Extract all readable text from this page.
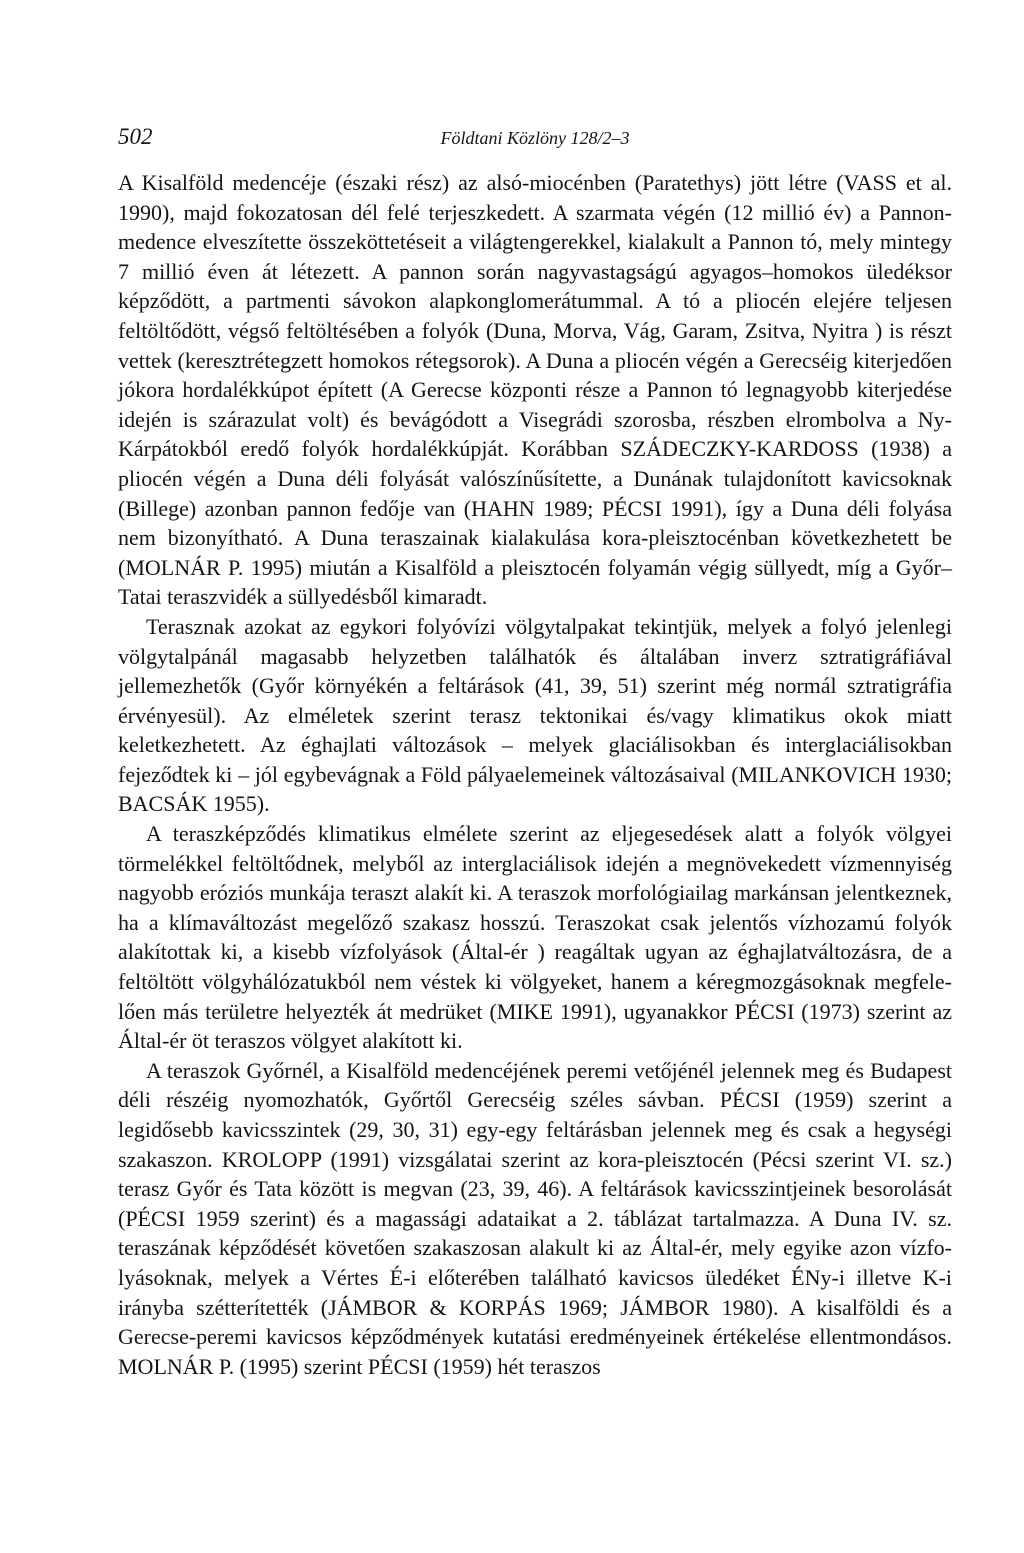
502	Földtani Közlöny 128/2–3

A Kisalföld medencéje (északi rész) az alsó-miocénben (Paratethys) jött létre (VASS et al. 1990), majd fokozatosan dél felé terjeszkedett. A szarmata végén (12 millió év) a Pannon-medence elveszítette összeköttetéseit a világtengerekkel, kialakult a Pannon tó, mely mintegy 7 millió éven át létezett. A pannon során nagyvastagságú agyagos–homokos üledéksor képződött, a partmenti sávokon alapkonglomerátummal. A tó a pliocén elejére teljesen feltöltődött, végső feltöltésében a folyók (Duna, Morva, Vág, Garam, Zsitva, Nyitra ) is részt vettek (keresztrétegzett homokos rétegsorok). A Duna a pliocén végén a Gerecséig kiterjedően jókora hordalékkúpot épített (A Gerecse központi része a Pannon tó legnagyobb kiterjedése idején is szárazulat volt) és bevágódott a Visegrádi szorosba, részben elrombolva a Ny-Kárpátokból eredő folyók hordalékkúpját. Korábban SZÁDECZKY-KARDOSS (1938) a pliocén végén a Duna déli folyását valószínűsítette, a Dunának tulajdonított kavicsoknak (Billege) azonban pannon fedője van (HAHN 1989; PÉCSI 1991), így a Duna déli folyása nem bizonyítható. A Duna teraszainak kialakulása kora-pleisztocénban következhetett be (MOLNÁR P. 1995) miután a Kisalföld a pleisztocén folyamán végig süllyedt, míg a Győr–Tatai teraszvidék a süllyedésből kimaradt.

Terasznak azokat az egykori folyóvízi völgytalpakat tekintjük, melyek a folyó jelenlegi völgytalpánál magasabb helyzetben találhatók és általában inverz sztratigráfiával jellemezhetők (Győr környékén a feltárások (41, 39, 51) szerint még normál sztratigráfia érvényesül). Az elméletek szerint terasz tektonikai és/vagy klimatikus okok miatt keletkezhetett. Az éghajlati változások – melyek glaciálisokban és interglaciálisokban fejeződtek ki – jól egybevágnak a Föld pályaelemeinek változásaival (MILANKOVICH 1930; BACSÁK 1955).

A teraszképződés klimatikus elmélete szerint az eljegesedések alatt a folyók völgyei törmelékkel feltöltődnek, melyből az interglaciálisok idején a megnövekedett vízmennyiség nagyobb eróziós munkája teraszt alakít ki. A teraszok morfológiailag markánsan jelentkeznek, ha a klímaváltozást megelőző szakasz hosszú. Teraszokat csak jelentős vízhozamú folyók alakítottak ki, a kisebb vízfolyások (Által-ér ) reagáltak ugyan az éghajlatváltozásra, de a feltöltött völgyhálózatukból nem véstek ki völgyeket, hanem a kéregmozgásoknak megfelelően más területre helyezték át medrüket (MIKE 1991), ugyanakkor PÉCSI (1973) szerint az Által-ér öt teraszos völgyet alakított ki.

A teraszok Győrnél, a Kisalföld medencéjének peremi vetőjénél jelennek meg és Budapest déli részéig nyomozhatók, Győrtől Gerecséig széles sávban. PÉCSI (1959) szerint a legidősebb kavicsszintek (29, 30, 31) egy-egy feltárásban jelennek meg és csak a hegységi szakaszon. KROLOPP (1991) vizsgálatai szerint az kora-pleisztocén (Pécsi szerint VI. sz.) terasz Győr és Tata között is megvan (23, 39, 46). A feltárások kavicsszintjeinek besorolását (PÉCSI 1959 szerint) és a magassági adataikat a 2. táblázat tartalmazza. A Duna IV. sz. teraszának képződését követően szakaszosan alakult ki az Által-ér, mely egyike azon vízfolyásoknak, melyek a Vértes É-i előterében található kavicsos üledéket ÉNy-i illetve K-i irányba szétterítették (JÁMBOR & KORPÁS 1969; JÁMBOR 1980). A kisalföldi és a Gerecse-peremi kavicsos képződmények kutatási eredményeinek értékelése ellentmondásos. MOLNÁR P. (1995) szerint PÉCSI (1959) hét teraszos
